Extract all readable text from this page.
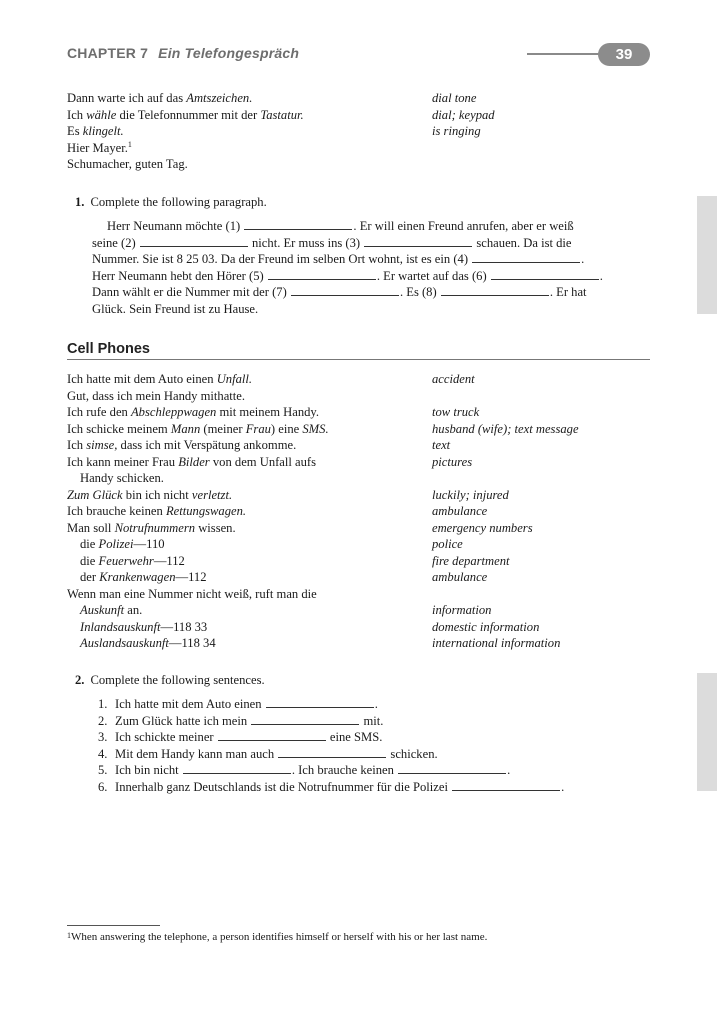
CHAPTER 7 Ein Telefongespräch	39
Dann warte ich auf das Amtszeichen.	dial tone
Ich wähle die Telefonnummer mit der Tastatur.	dial; keypad
Es klingelt.	is ringing
Hier Mayer.$^1$
Schumacher, guten Tag.
1. Complete the following paragraph.
Herr Neumann möchte (1)	. Er will einen Freund anrufen, aber er weiß
seine (2)	nicht. Er muss ins (3)	schauen. Da ist die
Nummer. Sie ist 8 25 03. Da der Freund im selben Ort wohnt, ist es ein (4)	.
Herr Neumann hebt den Hörer (5)	. Er wartet auf das (6)	.
Dann wählt er die Nummer mit der (7)	. Es (8)	. Er hat
Glück. Sein Freund ist zu Hause.
Cell Phones
Ich hatte mit dem Auto einen Unfall.	accident
Gut, dass ich mein Handy mithatte.
Ich rufe den Abschleppwagen mit meinem Handy.	tow truck
Ich schicke meinem Mann (meiner Frau) eine SMS.	husband (wife); text message
Ich simse, dass ich mit Verspätung ankomme.	text
Ich kann meiner Frau Bilder von dem Unfall aufs	pictures
Handy schicken.
Zum Glück bin ich nicht verletzt.	luckily; injured
Ich brauche keinen Rettungswagen.	ambulance
Man soll Notrufnummern wissen.	emergency numbers
die Polizei—110	police
die Feuerwehr—112	fire department
der Krankenwagen—112	ambulance
Wenn man eine Nummer nicht weiß, ruft man die
Auskunft an.	information
Inlandsauskunft—118 33	domestic information
Auslandsauskunft—118 34	international information
2. Complete the following sentences.
1. Ich hatte mit dem Auto einen	.
2. Zum Glück hatte ich mein	mit.
3. Ich schickte meiner	eine SMS.
4. Mit dem Handy kann man auch	schicken.
5. Ich bin nicht	. Ich brauche keinen	.
6. Innerhalb ganz Deutschlands ist die Notrufnummer für die Polizei	.
$^1$When answering the telephone, a person identifies himself or herself with his or her last name.
